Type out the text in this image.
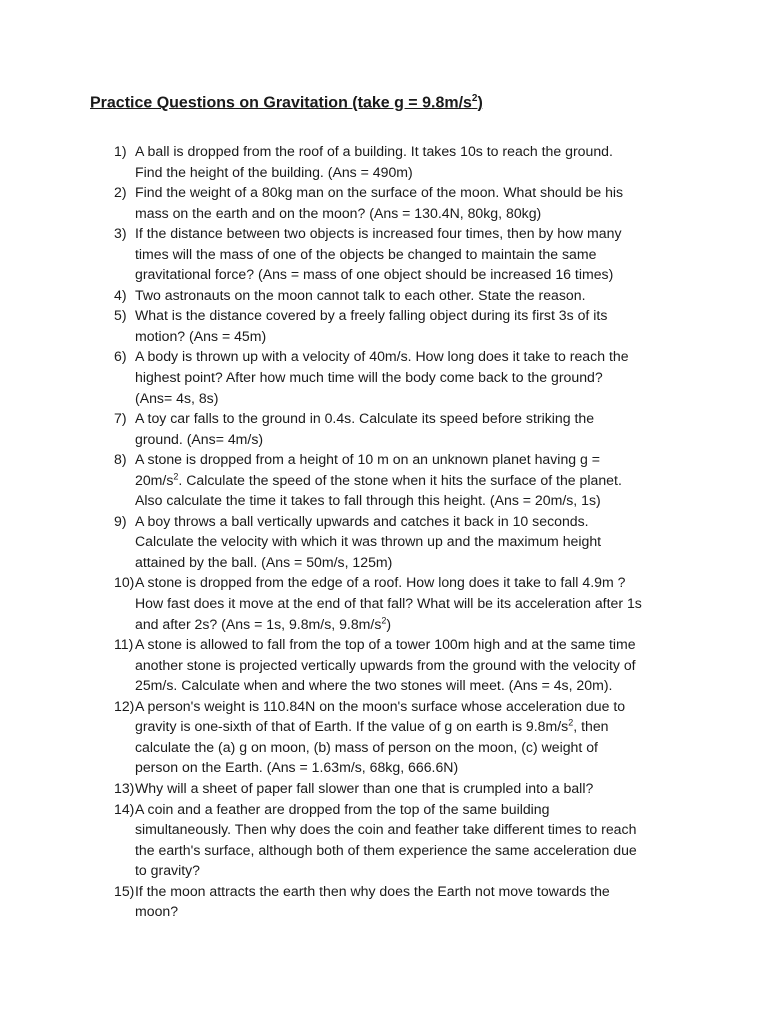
Practice Questions on Gravitation (take $g = 9.8m/s^2$)
1) A ball is dropped from the roof of a building. It takes 10s to reach the ground.
Find the height of the building. (Ans = 490m)
2) Find the weight of a 80kg man on the surface of the moon. What should be his
mass on the earth and on the moon? (Ans = 130.4N, 80kg, 80kg)
3) If the distance between two objects is increased four times, then by how many
times will the mass of one of the objects be changed to maintain the same
gravitational force? (Ans = mass of one object should be increased 16 times)
4) Two astronauts on the moon cannot talk to each other. State the reason.
5) What is the distance covered by a freely falling object during its first 3s of its
motion? (Ans = 45m)
6) A body is thrown up with a velocity of 40m/s. How long does it take to reach the
highest point? After how much time will the body come back to the ground?
(Ans= 4s, 8s)
7) A toy car falls to the ground in 0.4s. Calculate its speed before striking the
ground. (Ans= 4m/s)
8) A stone is dropped from a height of 10 m on an unknown planet having g =
$20m/s^2$. Calculate the speed of the stone when it hits the surface of the planet.
Also calculate the time it takes to fall through this height. (Ans = 20m/s, 1s)
9) A boy throws a ball vertically upwards and catches it back in 10 seconds.
Calculate the velocity with which it was thrown up and the maximum height
attained by the ball. (Ans = 50m/s, 125m)
10) A stone is dropped from the edge of a roof. How long does it take to fall 4.9m ?
How fast does it move at the end of that fall? What will be its acceleration after 1s
and after 2s? (Ans = 1s, 9.8m/s, $9.8m/s^2$)
11) A stone is allowed to fall from the top of a tower 100m high and at the same time
another stone is projected vertically upwards from the ground with the velocity of
25m/s. Calculate when and where the two stones will meet. (Ans = 4s, 20m).
12) A person's weight is 110.84N on the moon's surface whose acceleration due to
gravity is one-sixth of that of Earth. If the value of g on earth is $9.8m/s^2$, then
calculate the (a) g on moon, (b) mass of person on the moon, (c) weight of
person on the Earth. (Ans = 1.63m/s, 68kg, 666.6N)
13) Why will a sheet of paper fall slower than one that is crumpled into a ball?
14) A coin and a feather are dropped from the top of the same building
simultaneously. Then why does the coin and feather take different times to reach
the earth's surface, although both of them experience the same acceleration due
to gravity?
15) If the moon attracts the earth then why does the Earth not move towards the
moon?
